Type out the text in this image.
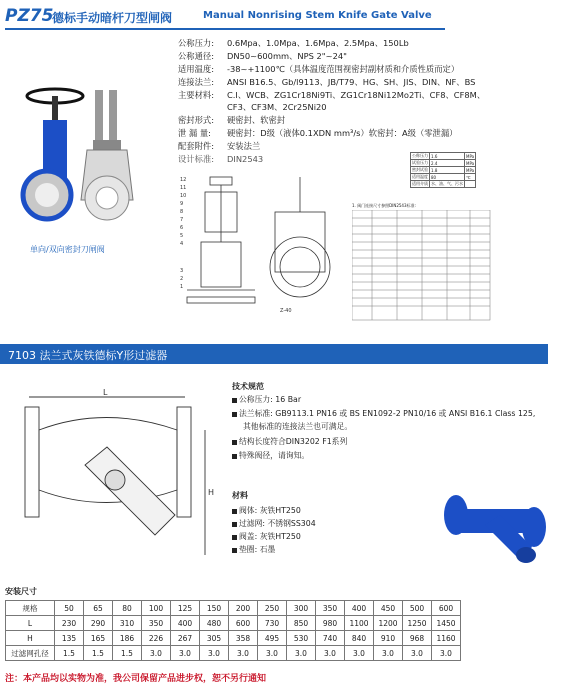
PZ75
德标手动暗杆刀型闸阀	Manual Nonrising Stem Knife Gate Valve
单向/双向密封刀闸阀
公称压力: 0.6Mpa、1.0Mpa、1.6Mpa、2.5Mpa、150Lb
公称通径: DN50~600mm、NPS 2"~24"
适用温度: -38~+1100℃（具体温度范围视密封副材质和介质性质而定）
连接法兰: ANSI B16.5、Gb/l9113、JB/T79、HG、SH、JIS、DIN、NF、BS
主要材料: C.I、WCB、ZG1Cr18Ni9Ti、ZG1Cr18Ni12Mo2Ti、CF8、CF8M、
CF3、CF3M、2Cr25Ni20
密封形式: 硬密封、软密封
泄 漏 量: 硬密封：D级（液体0.1XDN mm³/s）软密封：A级（零泄漏）
配套附件: 安装法兰
设计标准: DIN2543
12
11
10
9
8
7
6
5
4
3
2
1
Z-40
公称压力	1.6	MPa
试验压力	2.4	MPa
密封试验	1.8	MPa
适用温度	80	℃
适用介质	水、油、气、污水	
1. 阀门连接尺寸参照DIN2543标准:
7103 法兰式灰铁德标Y形过滤器
L
H
技术规范
公称压力: 16 Bar
法兰标准: GB9113.1 PN16 或 BS EN1092-2 PN10/16 或 ANSI B16.1 Class 125,
其他标准的连接法兰也可满足。
结构长度符合DIN3202 F1系列
特殊阀径，请询知。
材料
阀体: 灰铁HT250
过滤网: 不锈钢SS304
阀盖: 灰铁HT250
垫圈: 石墨
安装尺寸
规格	50	65	80	100	125	150	200	250	300	350	400	450	500	600
L	230	290	310	350	400	480	600	730	850	980	1100	1200	1250	1450
H	135	165	186	226	267	305	358	495	530	740	840	910	968	1160
过滤网孔径	1.5	1.5	1.5	3.0	3.0	3.0	3.0	3.0	3.0	3.0	3.0	3.0	3.0	3.0
注：本产品均以实物为准，我公司保留产品进步权，恕不另行通知
